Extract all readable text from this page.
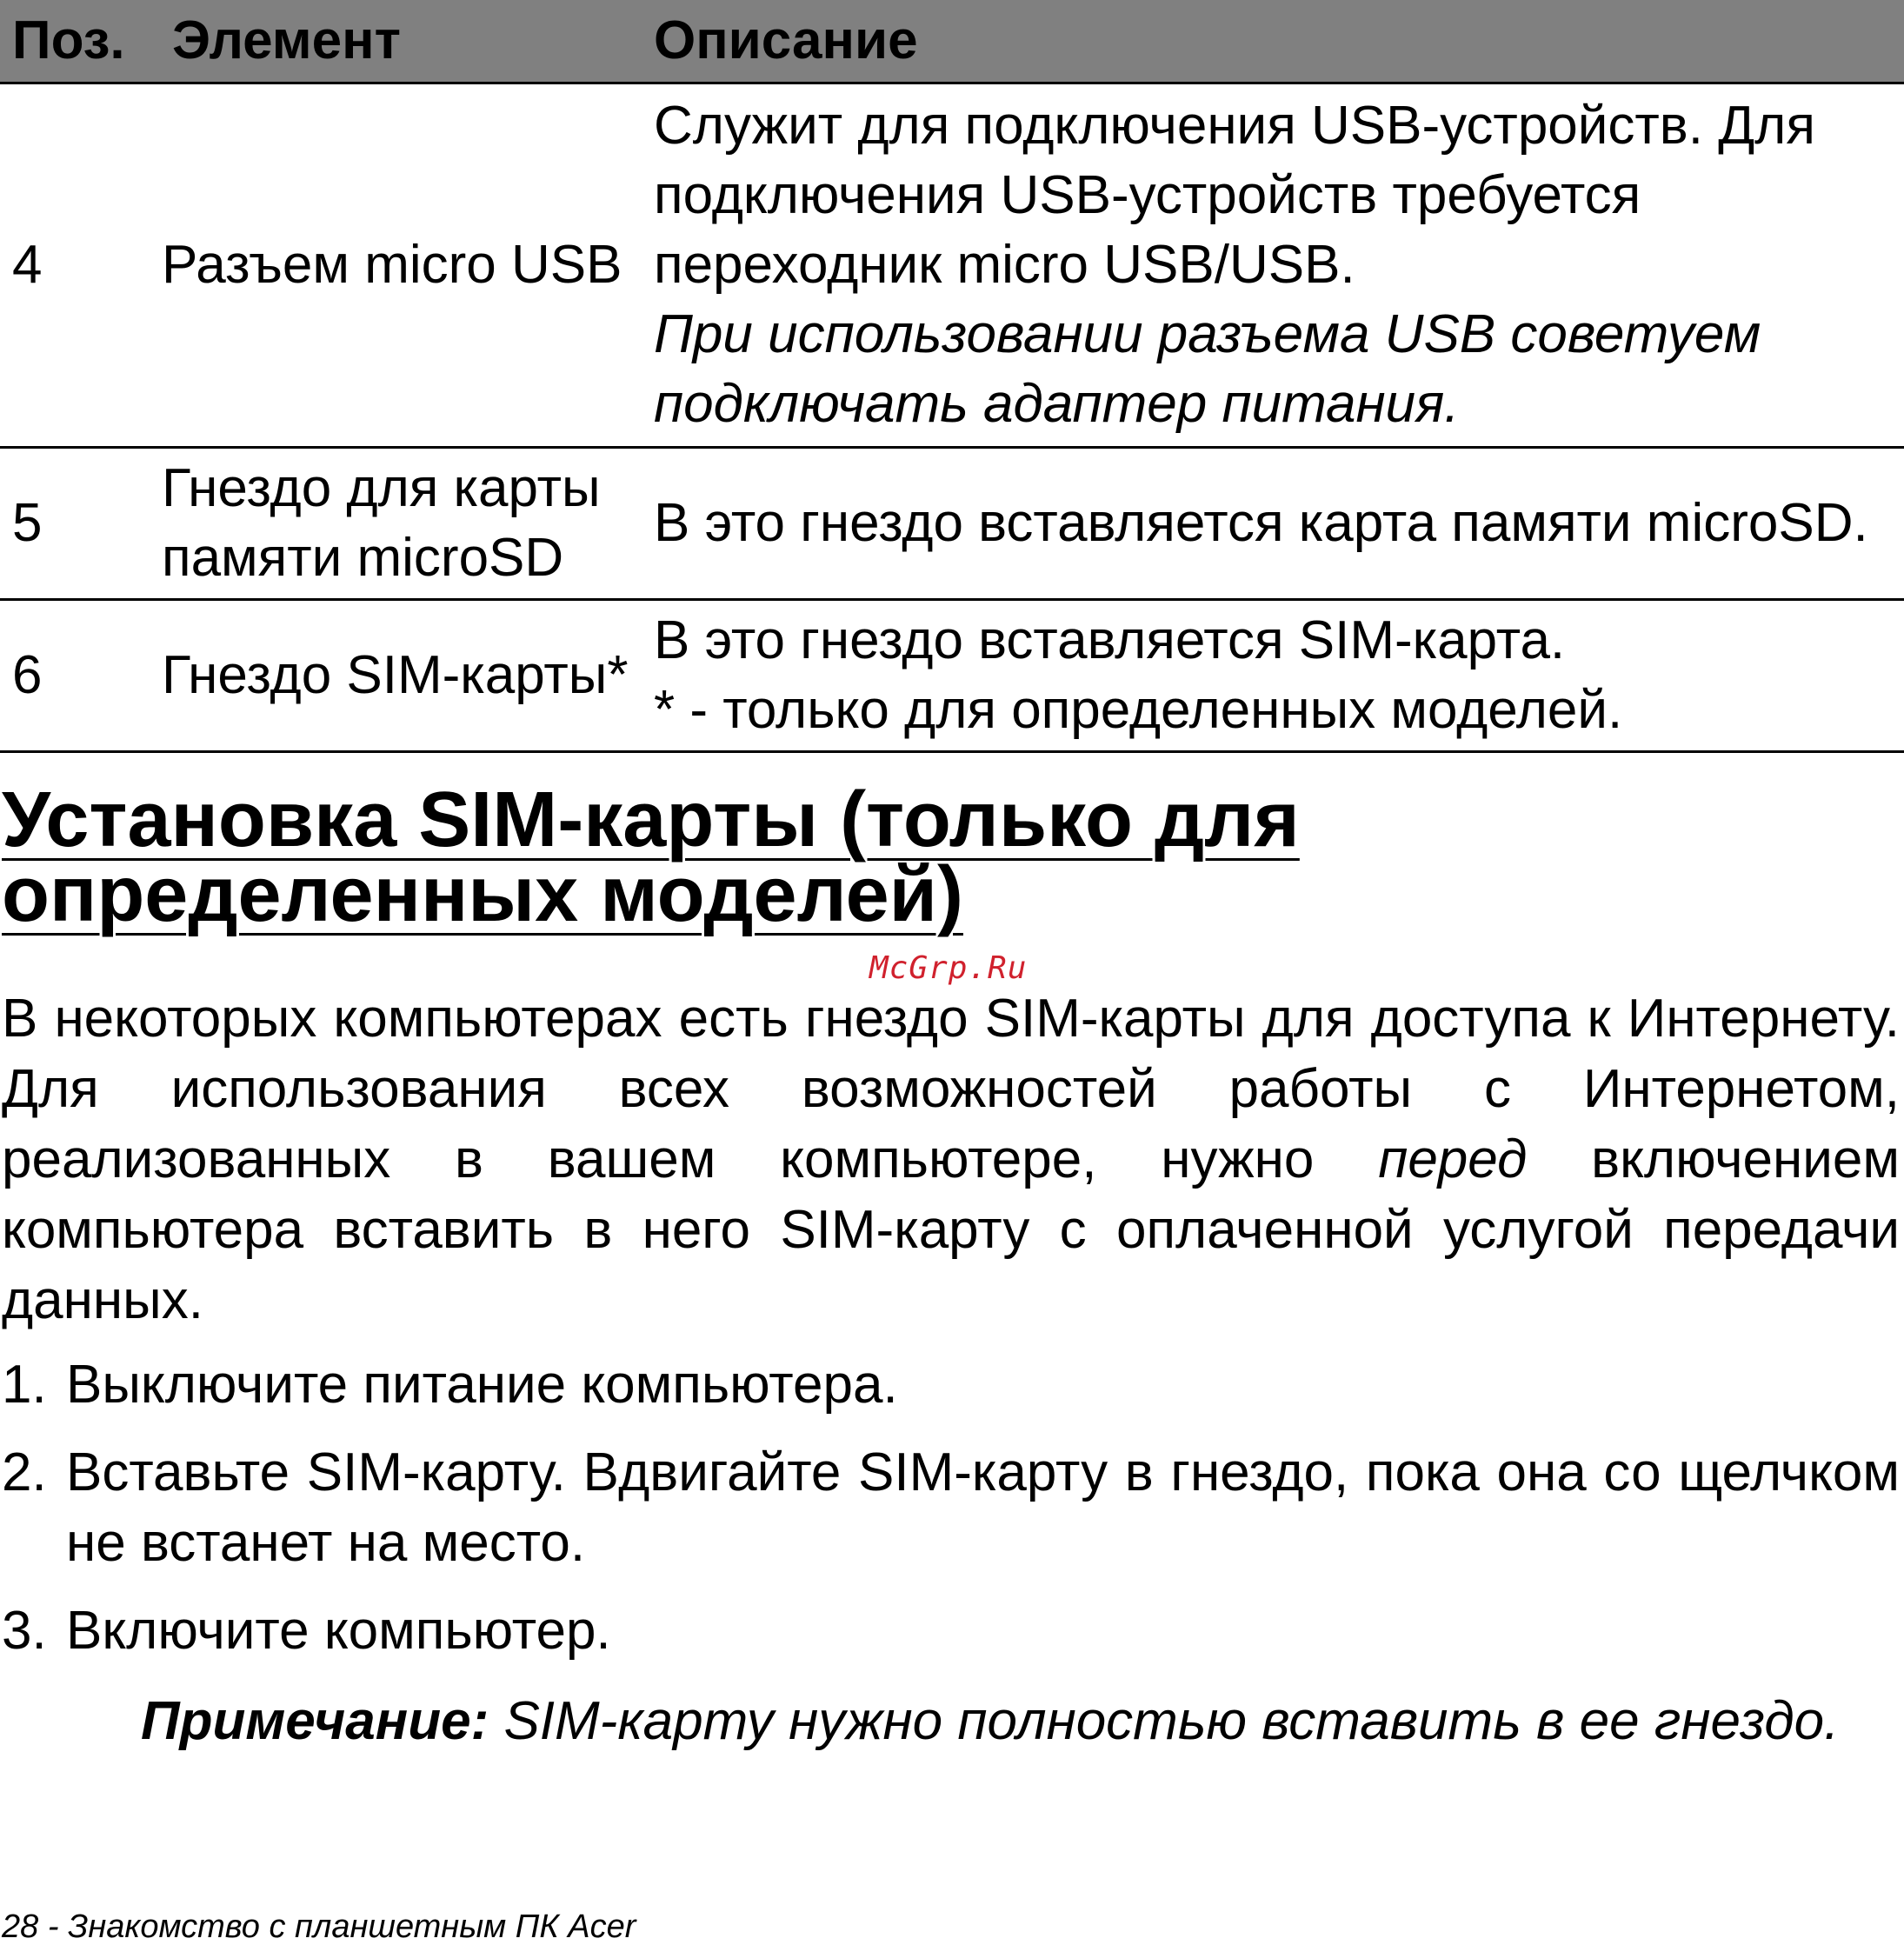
Поз.	Элемент	Описание
4	Разъем micro USB	Служит для подключения USB-устройств. Для подключения USB-устройств требуется переходник micro USB/USB.
При использовании разъема USB советуем подключать адаптер питания.

5	Гнездо для карты памяти microSD	В это гнездо вставляется карта памяти microSD.
6	Гнездо SIM-карты*	В это гнездо вставляется SIM-карта.
* - только для определенных моделей.
Установка SIM-карты (только для определенных моделей)
McGrp.Ru

В некоторых компьютерах есть гнездо SIM-карты для доступа к Интернету. Для использования всех возможностей работы с Интернетом, реализованных в вашем компьютере, нужно перед включением компьютера вставить в него SIM-карту с оплаченной услугой передачи данных.

1. Выключите питание компьютера.
2. Вставьте SIM-карту. Вдвигайте SIM-карту в гнездо, пока она со щелчком не встанет на место.
3. Включите компьютер.

Примечание: SIM-карту нужно полностью вставить в ее гнездо.

28 - Знакомство с планшетным ПК Acer
